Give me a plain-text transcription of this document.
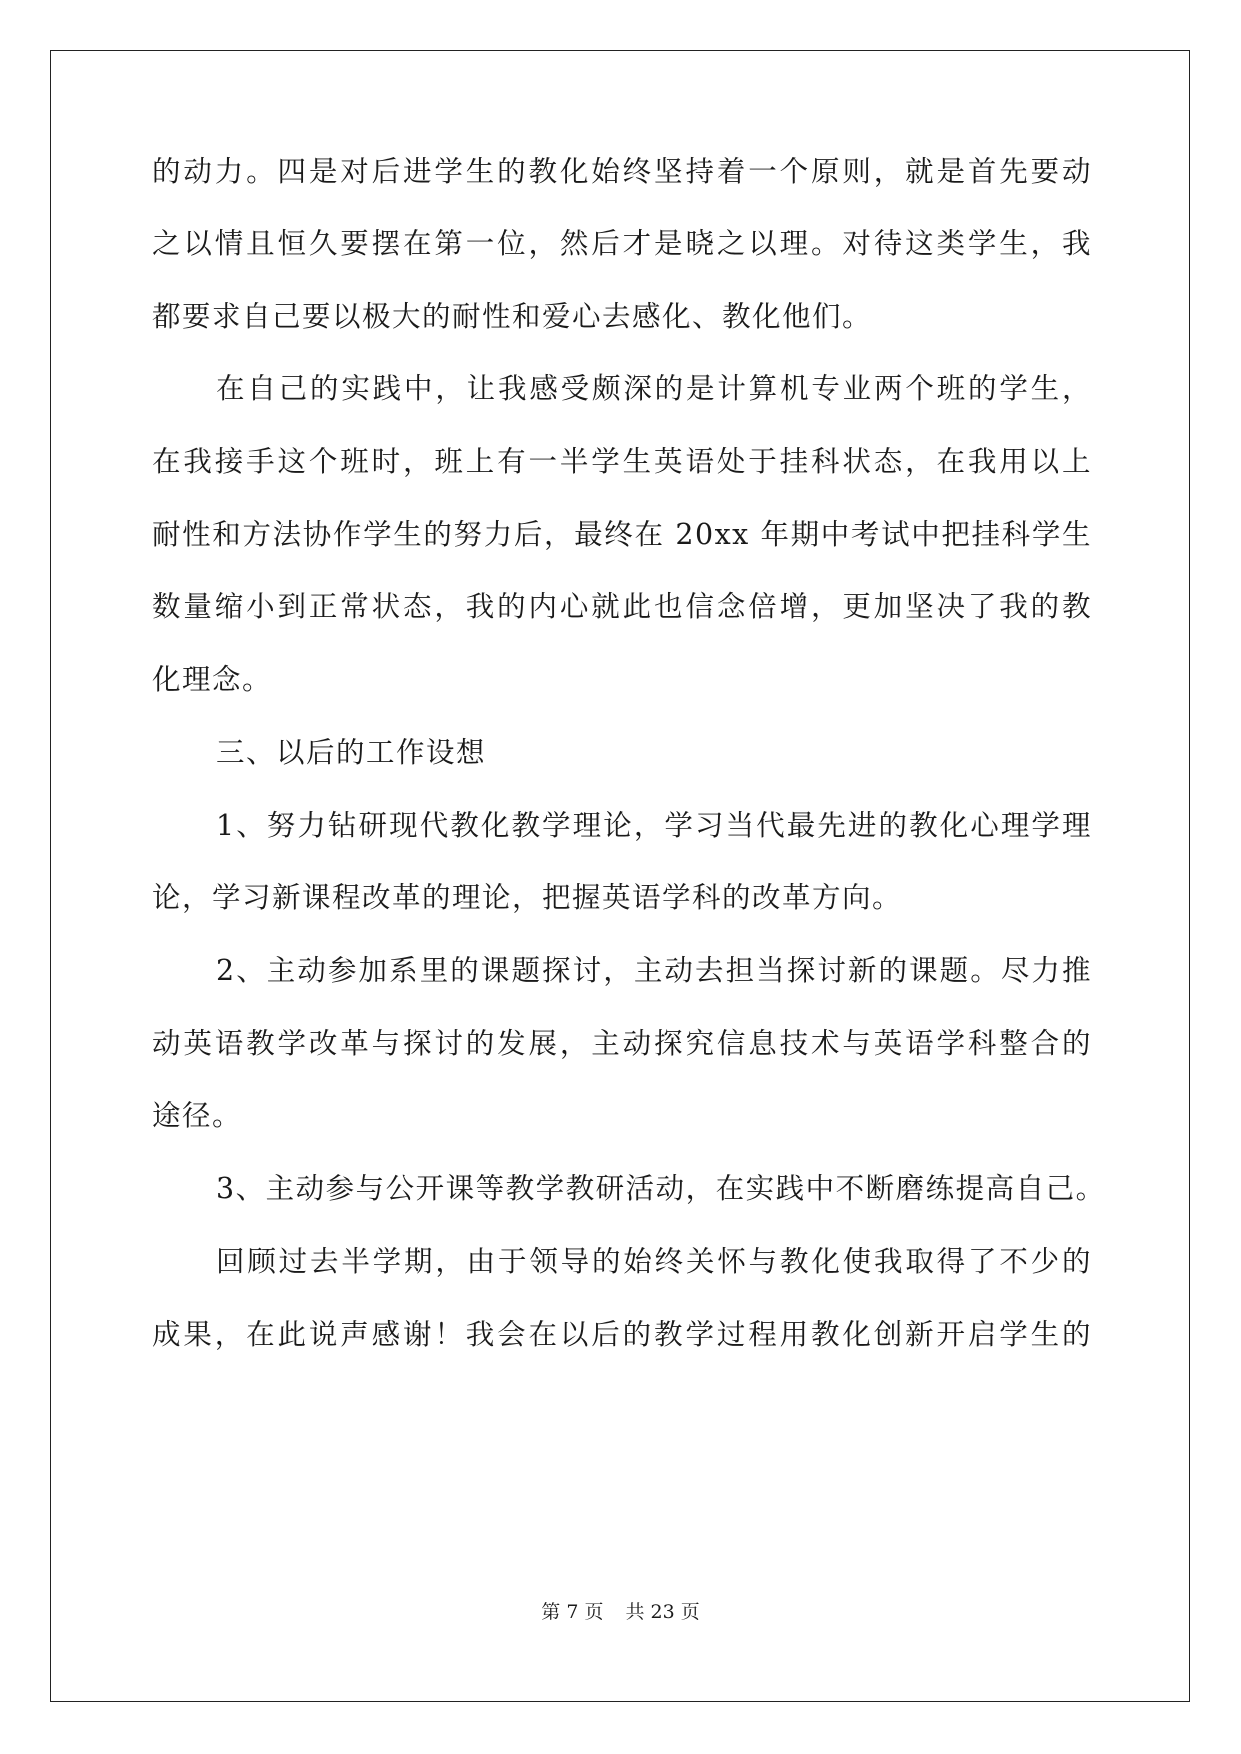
的动力。四是对后进学生的教化始终坚持着一个原则，就是首先要动

之以情且恒久要摆在第一位，然后才是晓之以理。对待这类学生，我

都要求自己要以极大的耐性和爱心去感化、教化他们。

在自己的实践中，让我感受颇深的是计算机专业两个班的学生，

在我接手这个班时，班上有一半学生英语处于挂科状态，在我用以上

耐性和方法协作学生的努力后，最终在 20xx 年期中考试中把挂科学生

数量缩小到正常状态，我的内心就此也信念倍增，更加坚决了我的教

化理念。

三、以后的工作设想

1、努力钻研现代教化教学理论，学习当代最先进的教化心理学理

论，学习新课程改革的理论，把握英语学科的改革方向。

2、主动参加系里的课题探讨，主动去担当探讨新的课题。尽力推

动英语教学改革与探讨的发展，主动探究信息技术与英语学科整合的

途径。

3、主动参与公开课等教学教研活动，在实践中不断磨练提高自己。

回顾过去半学期，由于领导的始终关怀与教化使我取得了不少的

成果，在此说声感谢！我会在以后的教学过程用教化创新开启学生的

第 7 页 共 23 页
